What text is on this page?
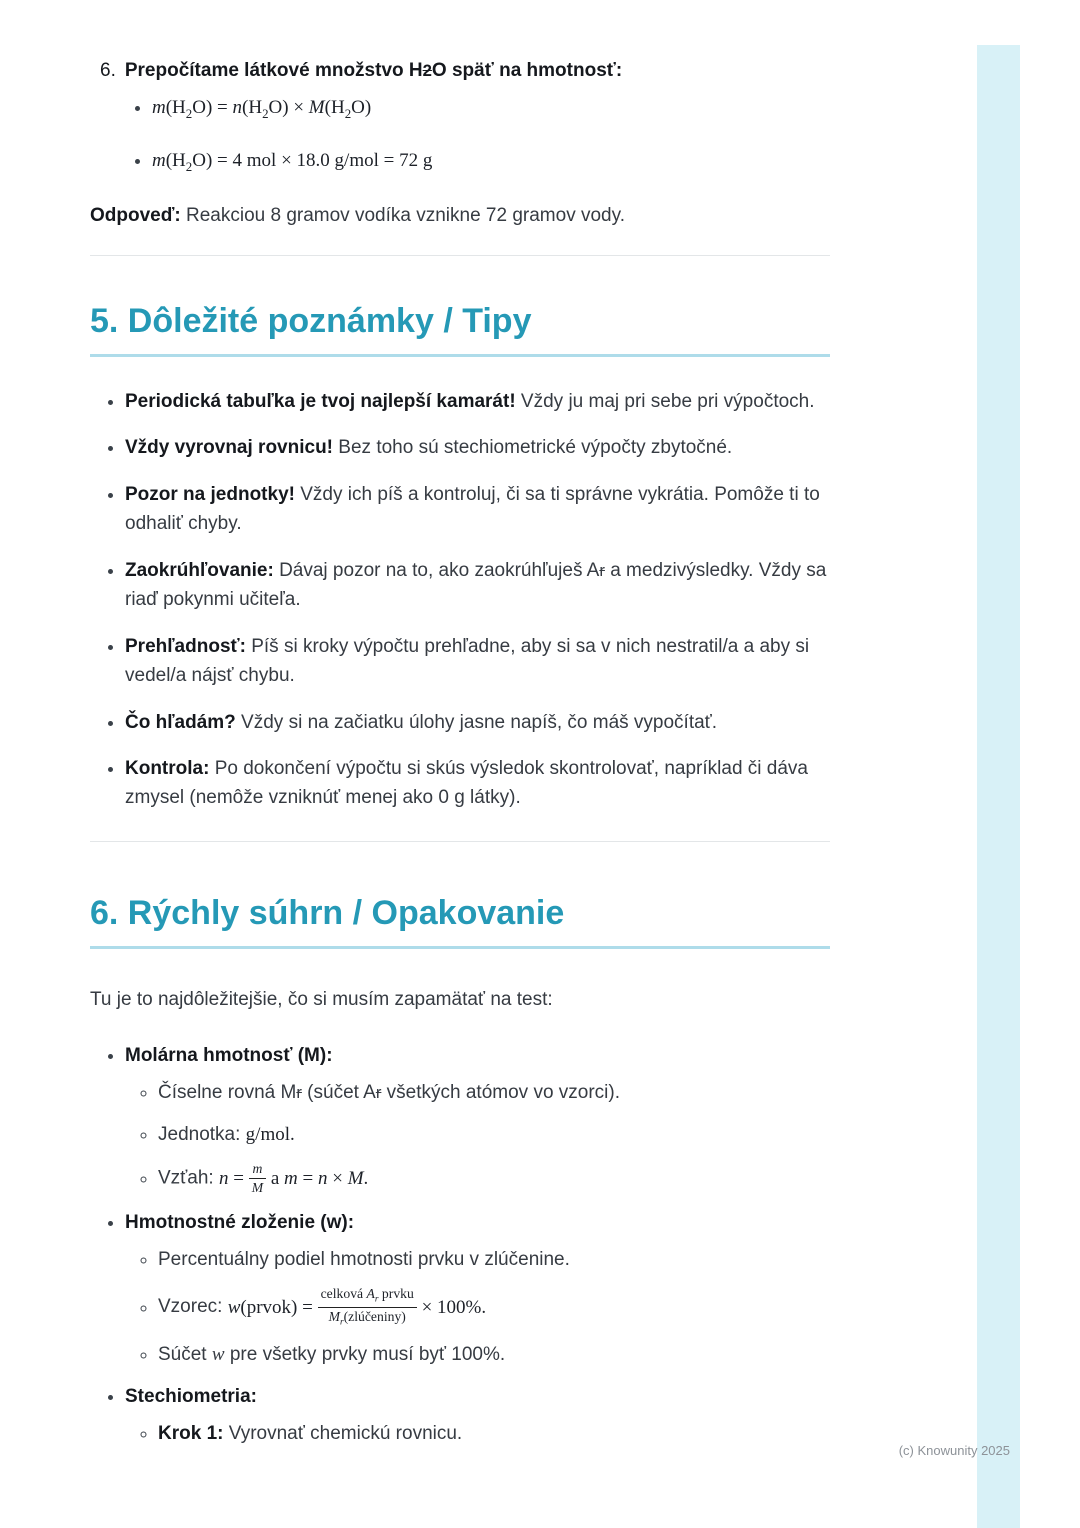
6. Prepočítame látkové množstvo H2O späť na hmotnosť:
• $m(H_2O) = n(H_2O) \times M(H_2O)$
• $m(H_2O) = 4$ mol × 18.0 g/mol = 72 g

Odpoveď: Reakciou 8 gramov vodíka vznikne 72 gramov vody.

5. Dôležité poznámky / Tipy
• Periodická tabuľka je tvoj najlepší kamarát! Vždy ju maj pri sebe pri výpočtoch.
• Vždy vyrovnaj rovnicu! Bez toho sú stechiometrické výpočty zbytočné.
• Pozor na jednotky! Vždy ich píš a kontroluj, či sa ti správne vykrátia. Pomôže ti to odhaliť chyby.
• Zaokrúhľovanie: Dávaj pozor na to, ako zaokrúhľuješ Ar a medzivýsledky. Vždy sa riaď pokynmi učiteľa.
• Prehľadnosť: Píš si kroky výpočtu prehľadne, aby si sa v nich nestratil/a a aby si vedel/a nájsť chybu.
• Čo hľadám? Vždy si na začiatku úlohy jasne napíš, čo máš vypočítať.
• Kontrola: Po dokončení výpočtu si skús výsledok skontrolovať, napríklad či dáva zmysel (nemôže vzniknúť menej ako 0 g látky).
6. Rýchly súhrn / Opakovanie

Tu je to najdôležitejšie, čo si musím zapamätať na test:

• Molárna hmotnosť (M):
◦ Číselne rovná Mr (súčet Ar všetkých atómov vo vzorci).
◦ Jednotka: g/mol.
◦ Vzťah: $n = \frac{m}{M}$ a m = n × M.
• Hmotnostné zloženie (w):
◦ Percentuálny podiel hmotnosti prvku v zlúčenine.
◦ Vzorec: w(prvok) = $\frac{celková A_r prvku}{M_r(zlúčeniny)} \times 100\%$.
◦ Súčet w pre všetky prvky musí byť 100%.
• Stechiometria:
◦ Krok 1: Vyrovnať chemickú rovnicu.
(c) Knowunity 2025
